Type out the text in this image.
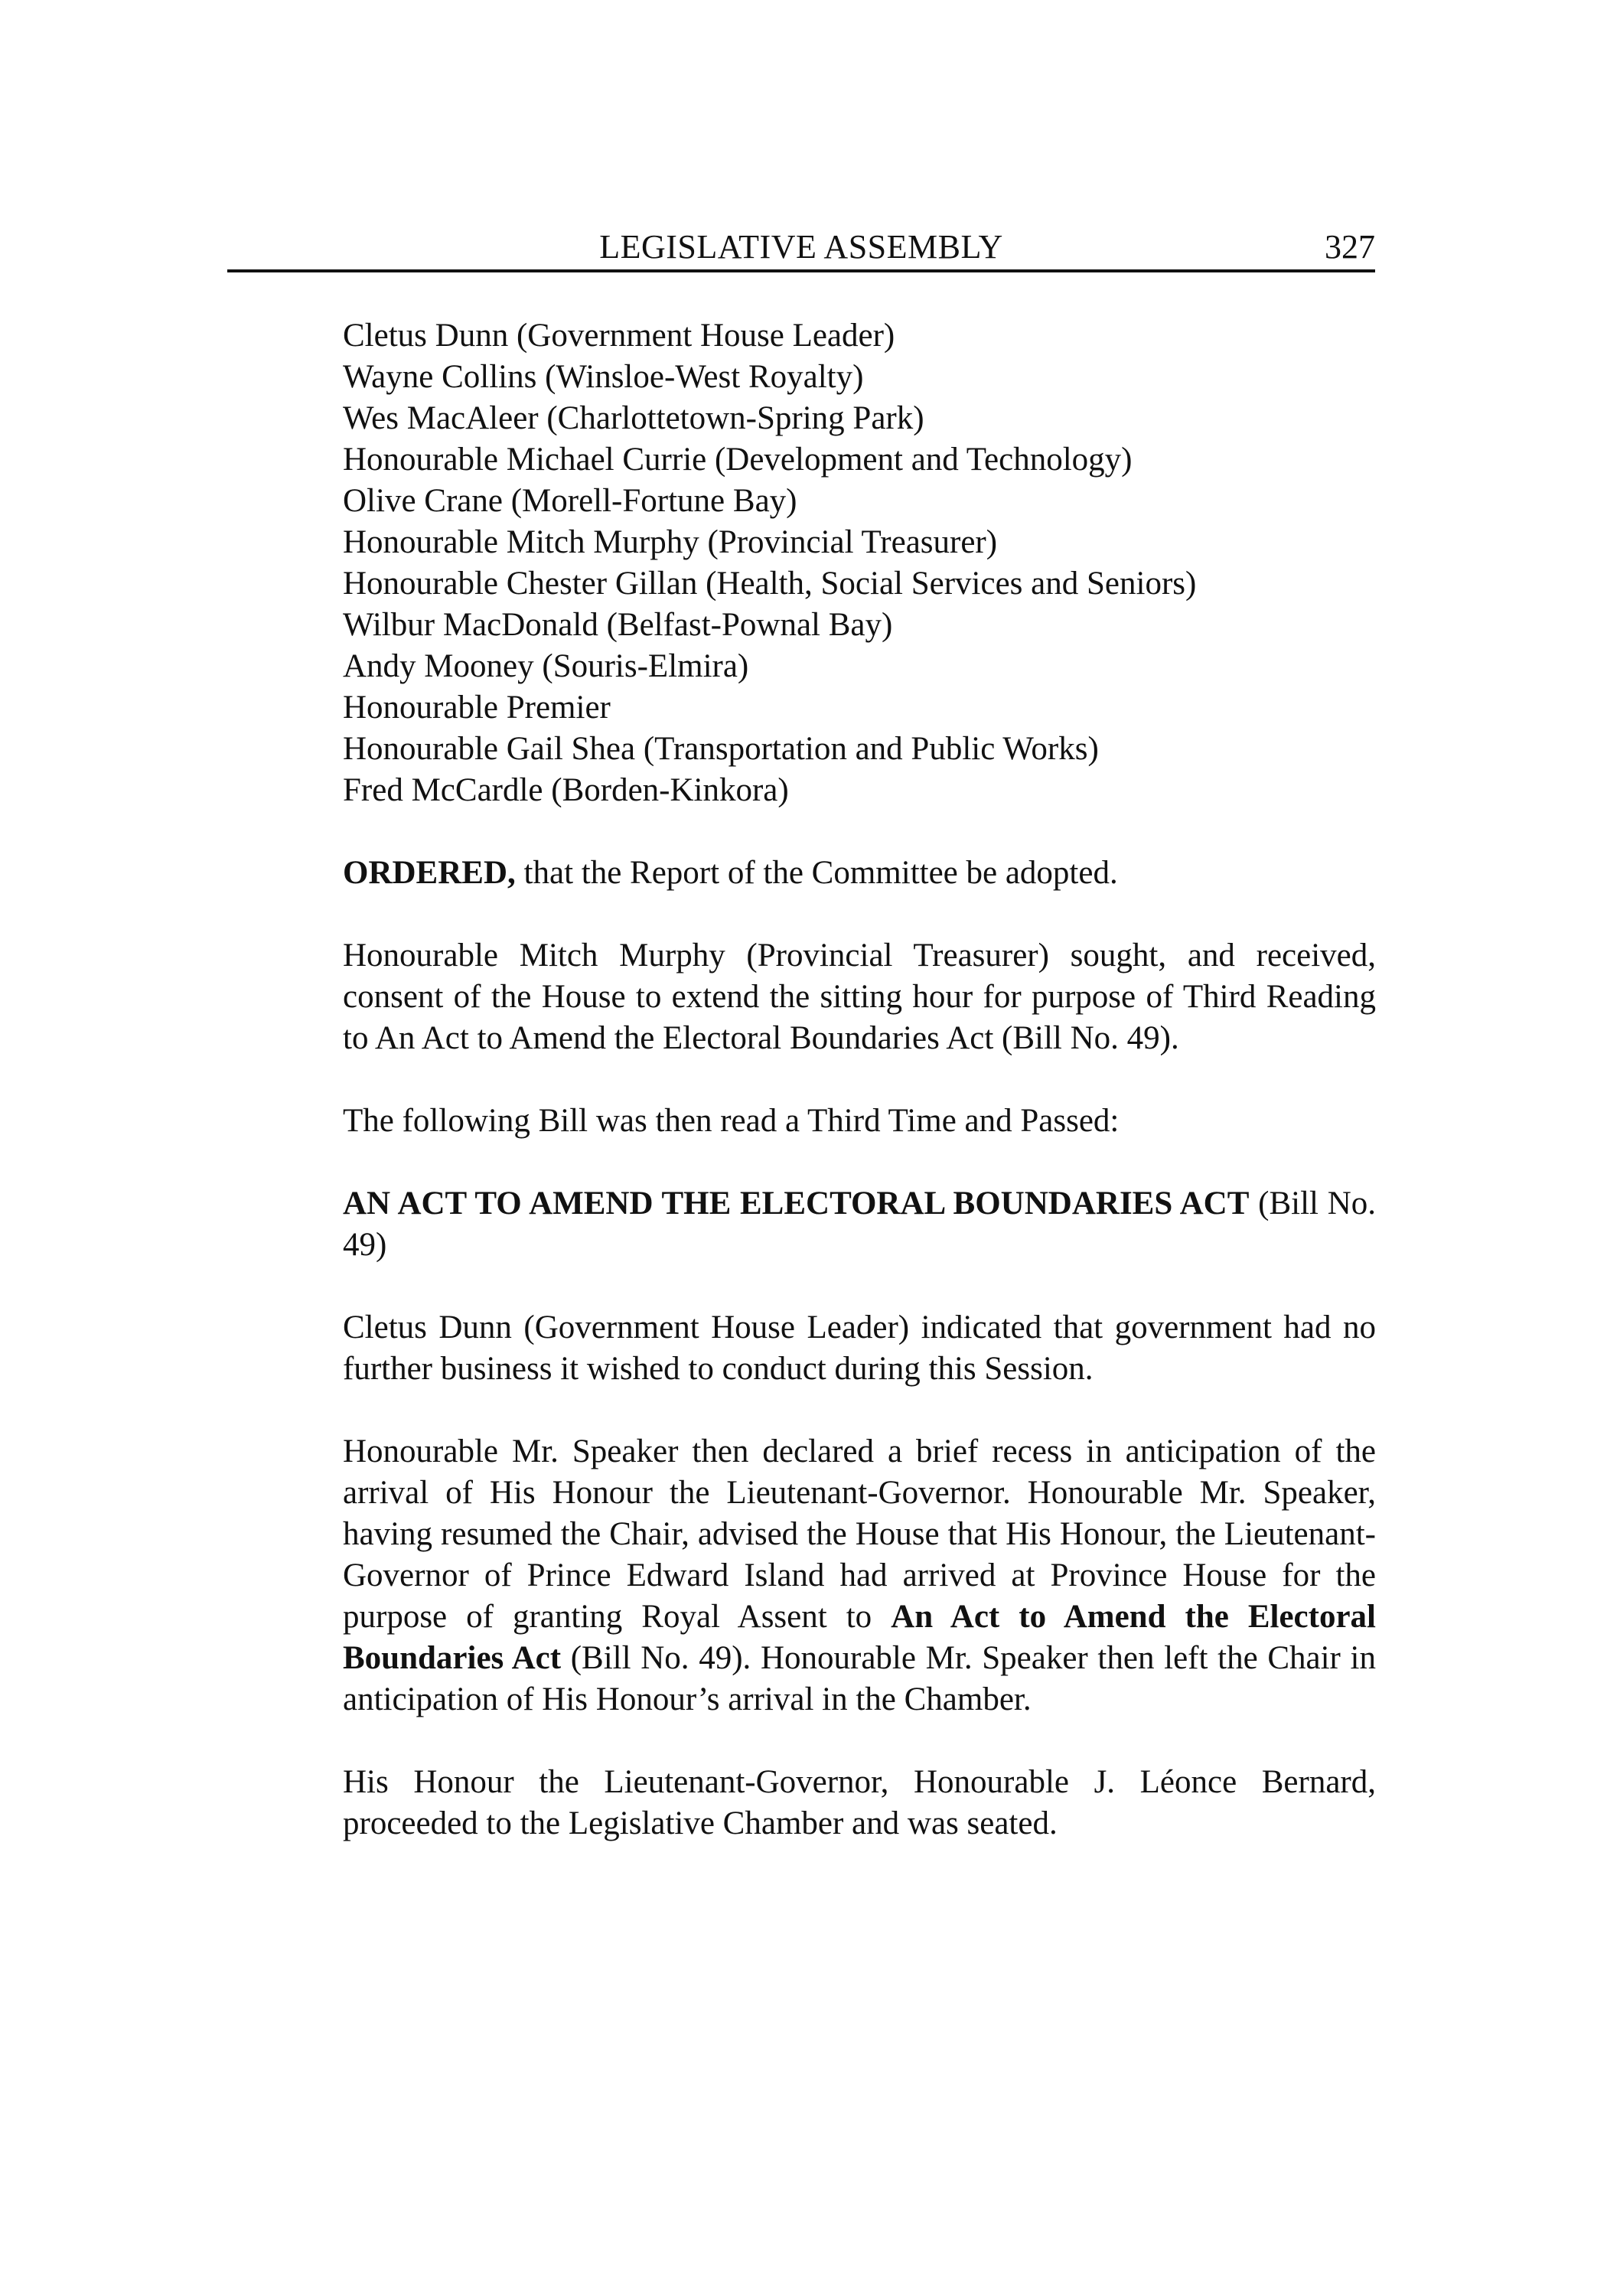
LEGISLATIVE ASSEMBLY	327
Cletus Dunn (Government House Leader)
Wayne Collins (Winsloe-West Royalty)
Wes MacAleer (Charlottetown-Spring Park)
Honourable Michael Currie (Development and Technology)
Olive Crane (Morell-Fortune Bay)
Honourable Mitch Murphy (Provincial Treasurer)
Honourable Chester Gillan (Health, Social Services and Seniors)
Wilbur MacDonald (Belfast-Pownal Bay)
Andy Mooney (Souris-Elmira)
Honourable Premier
Honourable Gail Shea (Transportation and Public Works)
Fred McCardle (Borden-Kinkora)

ORDERED, that the Report of the Committee be adopted.

Honourable Mitch Murphy (Provincial Treasurer) sought, and received, consent of the House to extend the sitting hour for purpose of Third Reading to An Act to Amend the Electoral Boundaries Act (Bill No. 49).

The following Bill was then read a Third Time and Passed:

AN ACT TO AMEND THE ELECTORAL BOUNDARIES ACT (Bill No. 49)

Cletus Dunn (Government House Leader) indicated that government had no further business it wished to conduct during this Session.

Honourable Mr. Speaker then declared a brief recess in anticipation of the arrival of His Honour the Lieutenant-Governor. Honourable Mr. Speaker, having resumed the Chair, advised the House that His Honour, the Lieutenant-Governor of Prince Edward Island had arrived at Province House for the purpose of granting Royal Assent to An Act to Amend the Electoral Boundaries Act (Bill No. 49). Honourable Mr. Speaker then left the Chair in anticipation of His Honour’s arrival in the Chamber.

His Honour the Lieutenant-Governor, Honourable J. Léonce Bernard, proceeded to the Legislative Chamber and was seated.
